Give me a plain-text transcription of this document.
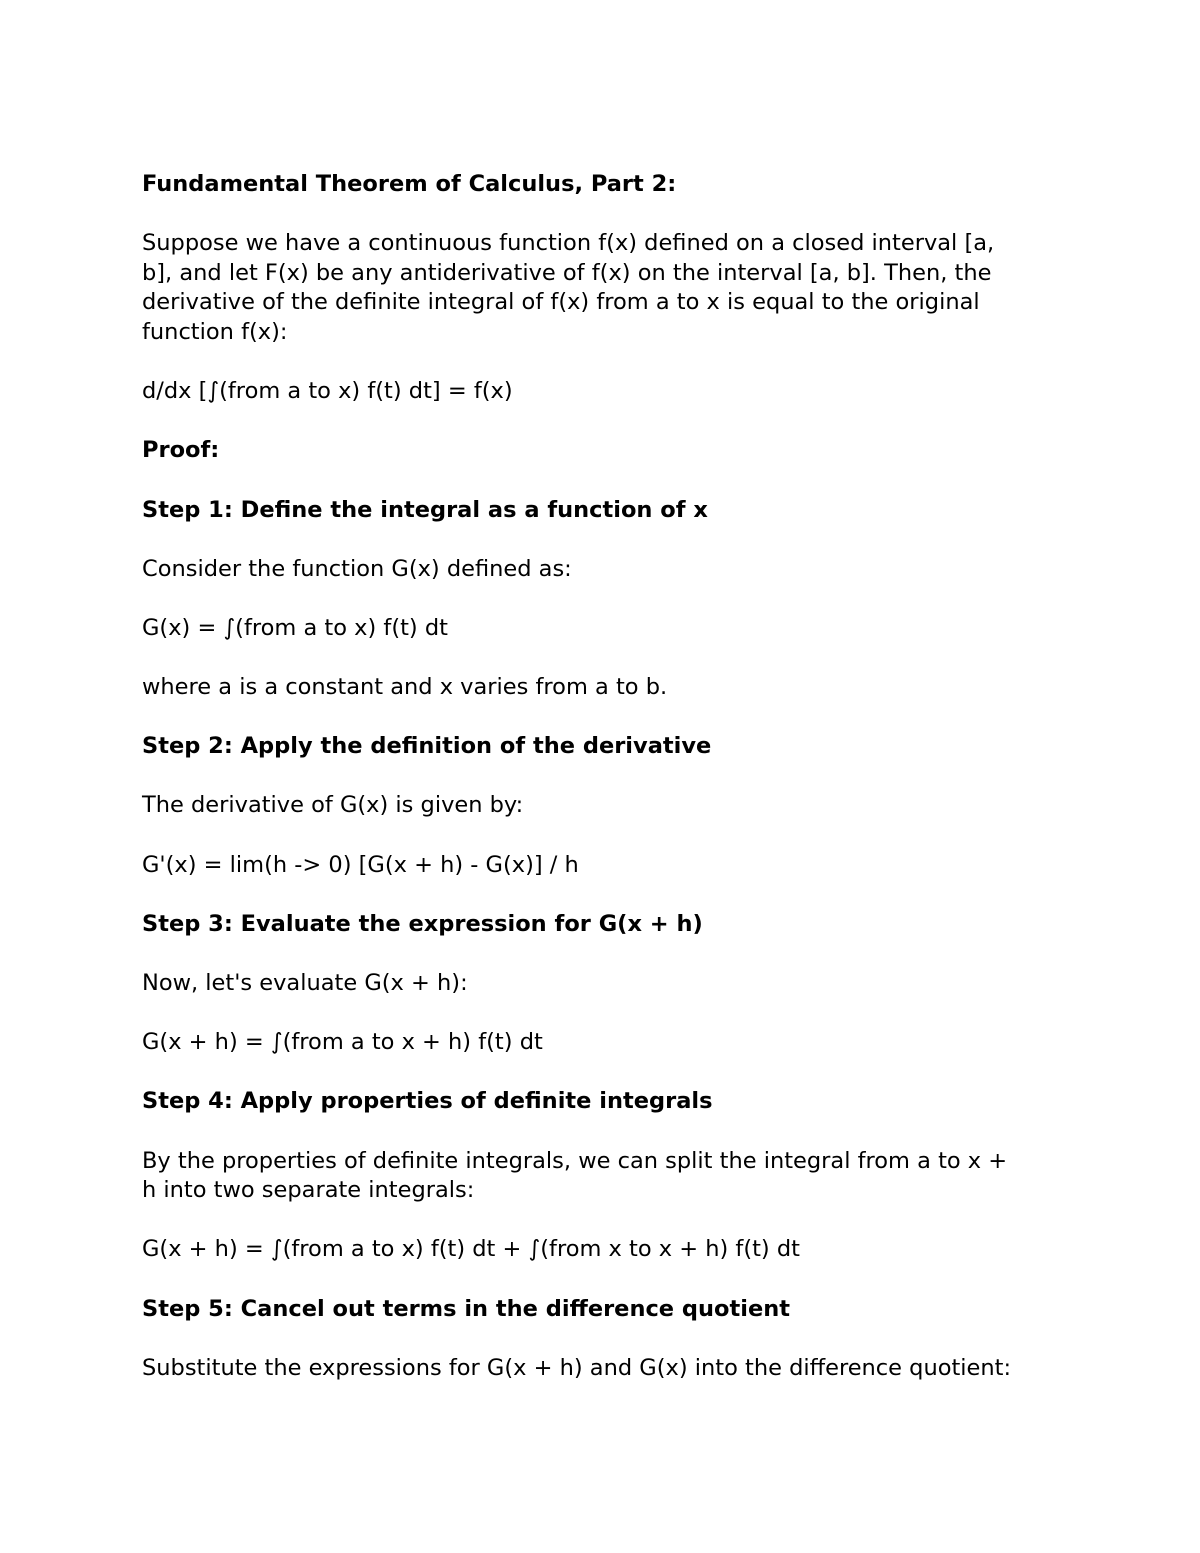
Fundamental Theorem of Calculus, Part 2:

Suppose we have a continuous function f(x) defined on a closed interval [a,

b], and let F(x) be any antiderivative of f(x) on the interval [a, b]. Then, the

derivative of the definite integral of f(x) from a to x is equal to the original

function f(x):

d/dx [∫(from a to x) f(t) dt] = f(x)

Proof:

Step 1: Define the integral as a function of x

Consider the function G(x) defined as:

G(x) = ∫(from a to x) f(t) dt

where a is a constant and x varies from a to b.

Step 2: Apply the definition of the derivative

The derivative of G(x) is given by:

G'(x) = lim(h -> 0) [G(x + h) - G(x)] / h

Step 3: Evaluate the expression for G(x + h)

Now, let's evaluate G(x + h):

G(x + h) = ∫(from a to x + h) f(t) dt

Step 4: Apply properties of definite integrals

By the properties of definite integrals, we can split the integral from a to x +

h into two separate integrals:

G(x + h) = ∫(from a to x) f(t) dt + ∫(from x to x + h) f(t) dt

Step 5: Cancel out terms in the difference quotient

Substitute the expressions for G(x + h) and G(x) into the difference quotient:
